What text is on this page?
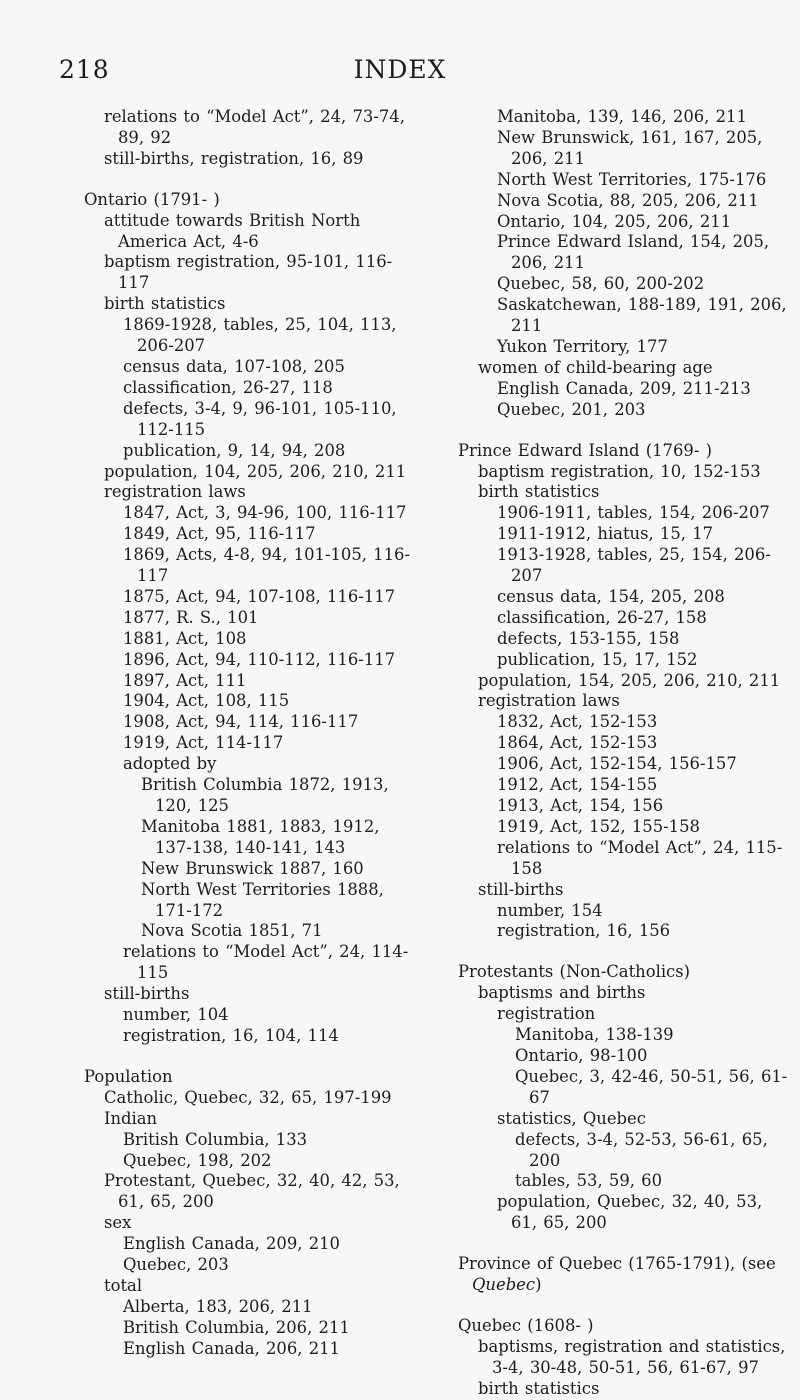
218	INDEX

relations to “Model Act”, 24, 73-74, 89, 92

still-births, registration, 16, 89

Ontario (1791- )

attitude towards British North America Act, 4-6

baptism registration, 95-101, 116-117

birth statistics

1869-1928, tables, 25, 104, 113, 206-207

census data, 107-108, 205

classification, 26-27, 118

defects, 3-4, 9, 96-101, 105-110, 112-115

publication, 9, 14, 94, 208

population, 104, 205, 206, 210, 211

registration laws

1847, Act, 3, 94-96, 100, 116-117

1849, Act, 95, 116-117

1869, Acts, 4-8, 94, 101-105, 116-117

1875, Act, 94, 107-108, 116-117

1877, R. S., 101

1881, Act, 108

1896, Act, 94, 110-112, 116-117

1897, Act, 111

1904, Act, 108, 115

1908, Act, 94, 114, 116-117

1919, Act, 114-117

adopted by

British Columbia 1872, 1913, 120, 125

Manitoba 1881, 1883, 1912, 137-138, 140-141, 143

New Brunswick 1887, 160

North West Territories 1888, 171-172

Nova Scotia 1851, 71

relations to “Model Act”, 24, 114-115

still-births

number, 104

registration, 16, 104, 114

Population

Catholic, Quebec, 32, 65, 197-199

Indian

British Columbia, 133

Quebec, 198, 202

Protestant, Quebec, 32, 40, 42, 53, 61, 65, 200

sex

English Canada, 209, 210

Quebec, 203

total

Alberta, 183, 206, 211

British Columbia, 206, 211

English Canada, 206, 211

Manitoba, 139, 146, 206, 211

New Brunswick, 161, 167, 205, 206, 211

North West Territories, 175-176

Nova Scotia, 88, 205, 206, 211

Ontario, 104, 205, 206, 211

Prince Edward Island, 154, 205, 206, 211

Quebec, 58, 60, 200-202

Saskatchewan, 188-189, 191, 206, 211

Yukon Territory, 177

women of child-bearing age

English Canada, 209, 211-213

Quebec, 201, 203

Prince Edward Island (1769- )

baptism registration, 10, 152-153

birth statistics

1906-1911, tables, 154, 206-207

1911-1912, hiatus, 15, 17

1913-1928, tables, 25, 154, 206-207

census data, 154, 205, 208

classification, 26-27, 158

defects, 153-155, 158

publication, 15, 17, 152

population, 154, 205, 206, 210, 211

registration laws

1832, Act, 152-153

1864, Act, 152-153

1906, Act, 152-154, 156-157

1912, Act, 154-155

1913, Act, 154, 156

1919, Act, 152, 155-158

relations to “Model Act”, 24, 115-158

still-births

number, 154

registration, 16, 156

Protestants (Non-Catholics)

baptisms and births

registration

Manitoba, 138-139

Ontario, 98-100

Quebec, 3, 42-46, 50-51, 56, 61-67

statistics, Quebec

defects, 3-4, 52-53, 56-61, 65, 200

tables, 53, 59, 60

population, Quebec, 32, 40, 53, 61, 65, 200

Province of Quebec (1765-1791), (see Quebec)

Quebec (1608- )

baptisms, registration and statistics, 3-4, 30-48, 50-51, 56, 61-67, 97

birth statistics
